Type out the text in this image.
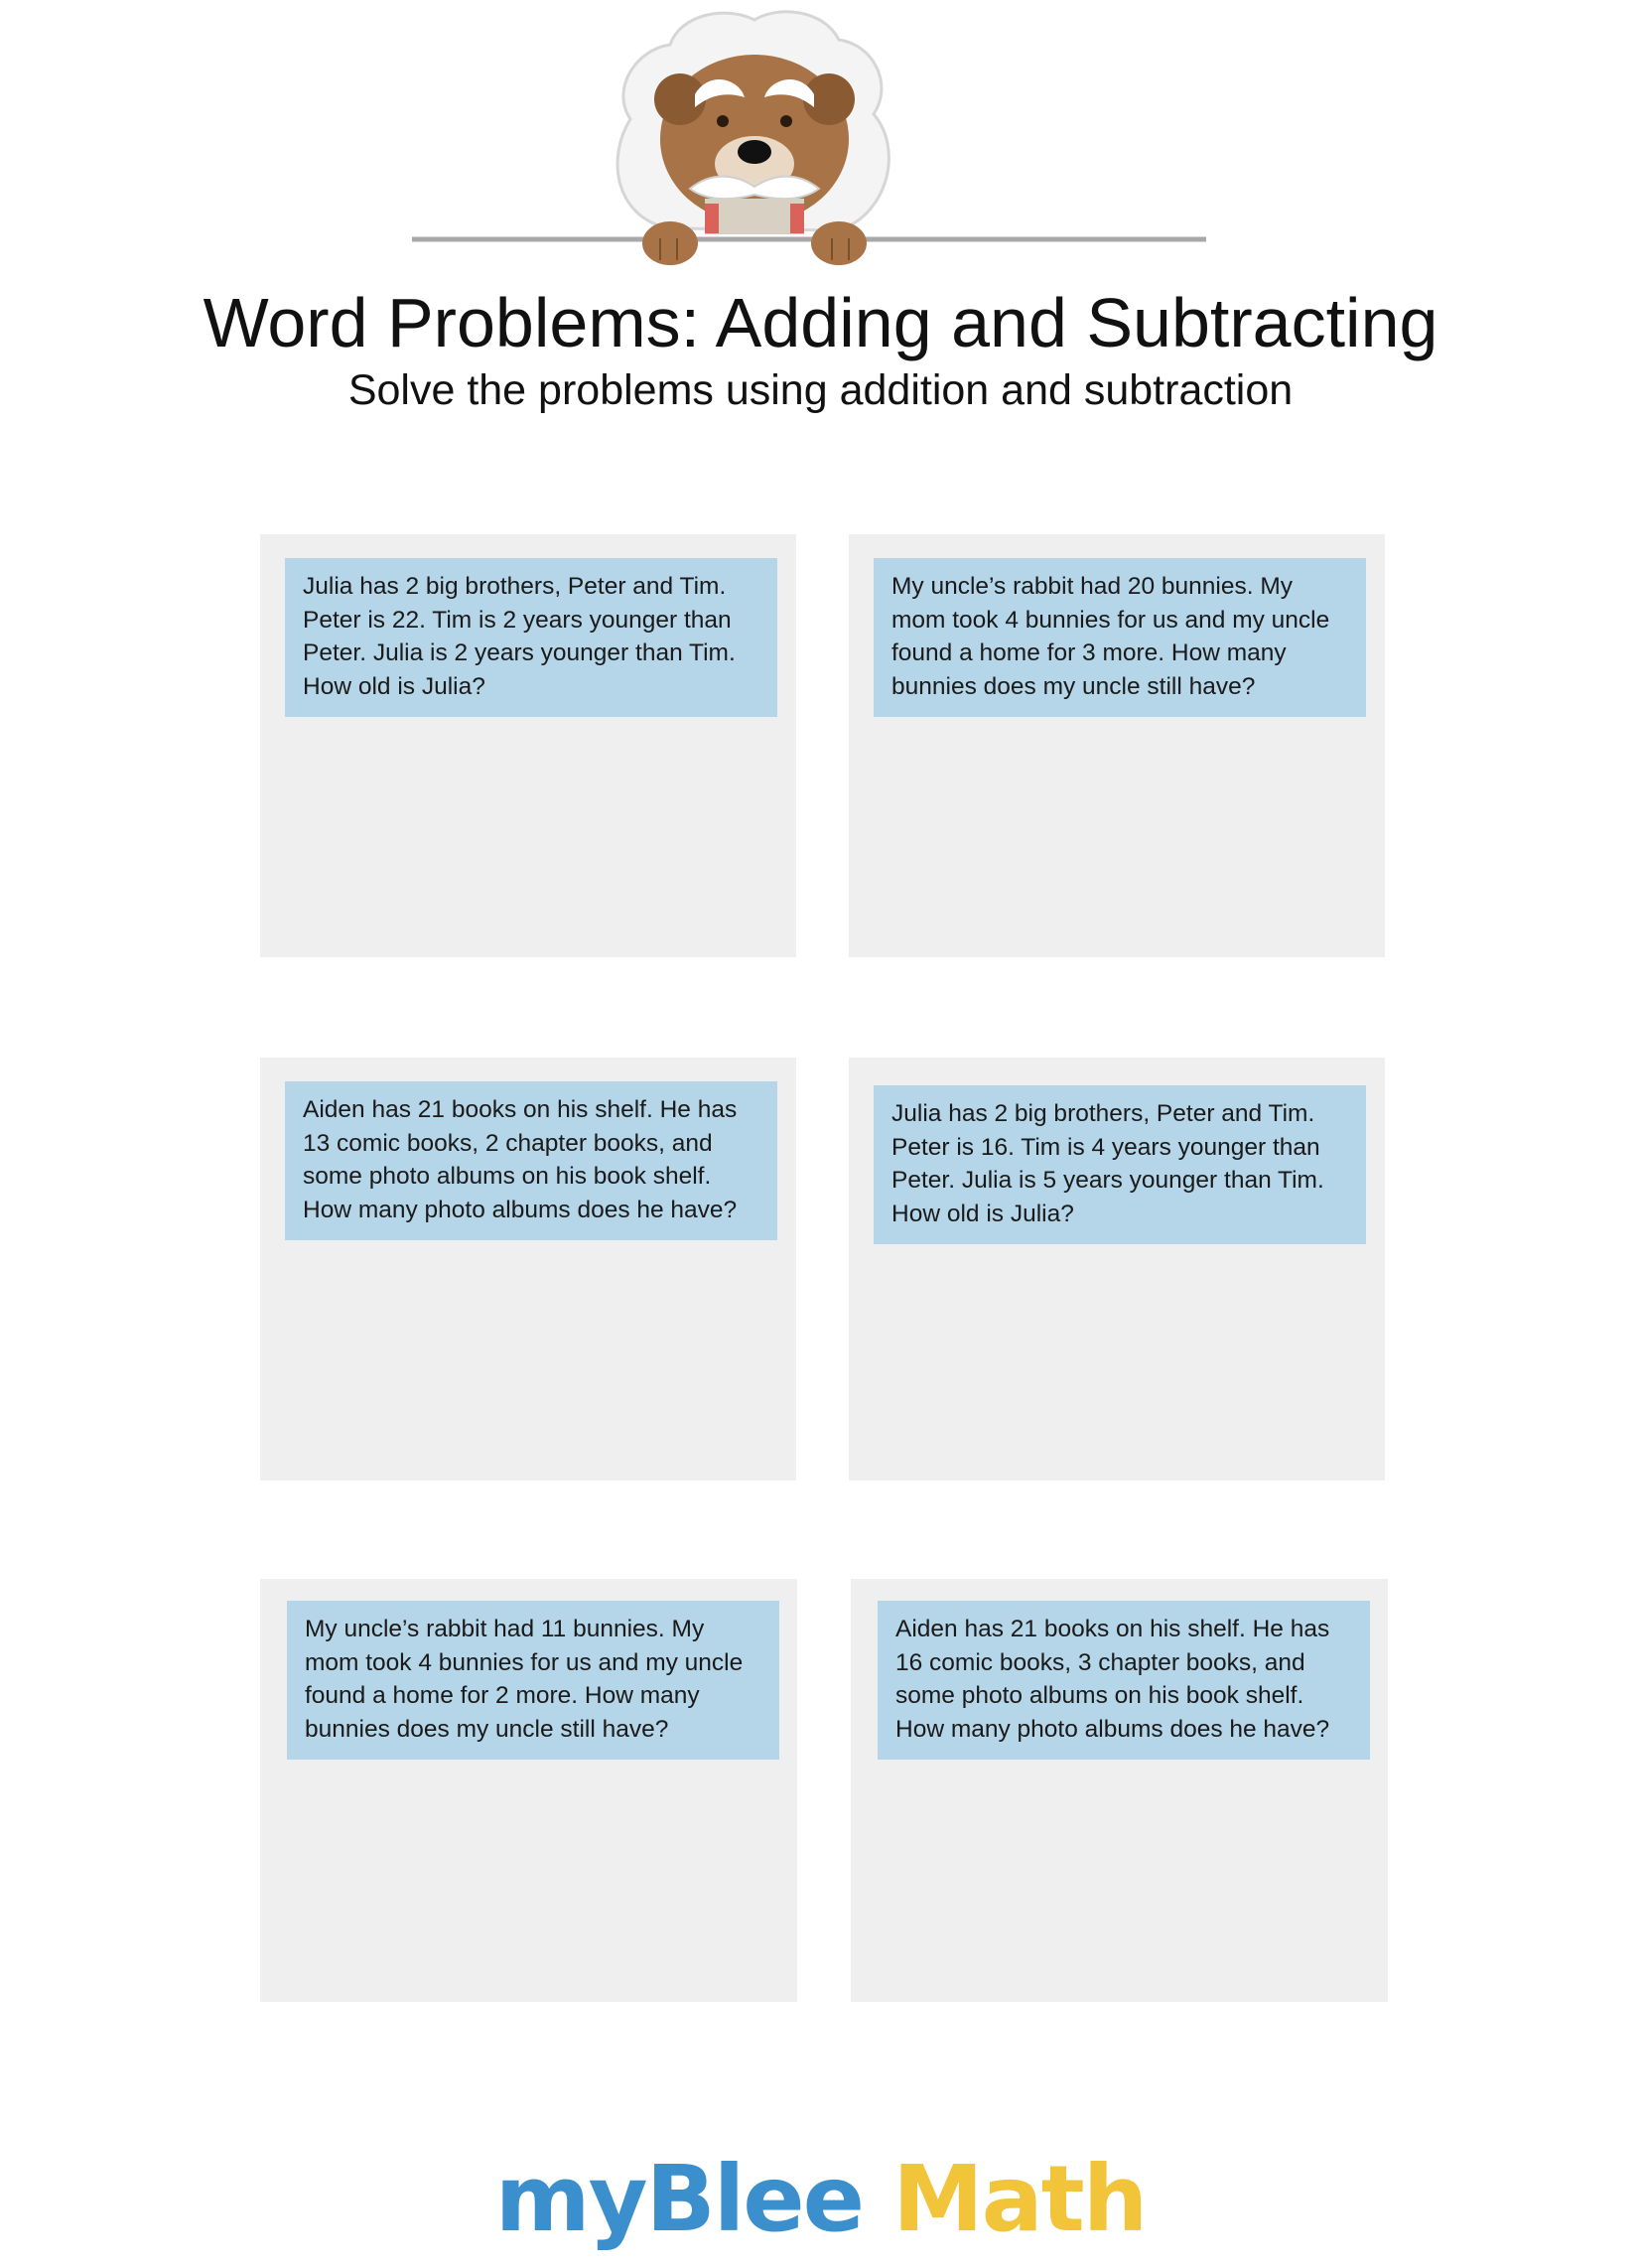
Word Problems: Adding and Subtracting

Solve the problems using addition and subtraction

Julia has 2 big brothers, Peter and Tim. Peter is 22. Tim is 2 years younger than Peter. Julia is 2 years younger than Tim. How old is Julia?
My uncle’s rabbit had 20 bunnies. My mom took 4 bunnies for us and my uncle found a home for 3 more. How many bunnies does my uncle still have?
Aiden has 21 books on his shelf. He has 13 comic books, 2 chapter books, and some photo albums on his book shelf. How many photo albums does he have?
Julia has 2 big brothers, Peter and Tim. Peter is 16. Tim is 4 years younger than Peter. Julia is 5 years younger than Tim. How old is Julia?
My uncle’s rabbit had 11 bunnies. My mom took 4 bunnies for us and my uncle found a home for 2 more. How many bunnies does my uncle still have?
Aiden has 21 books on his shelf. He has 16 comic books, 3 chapter books, and some photo albums on his book shelf. How many photo albums does he have?
myBlee Math
